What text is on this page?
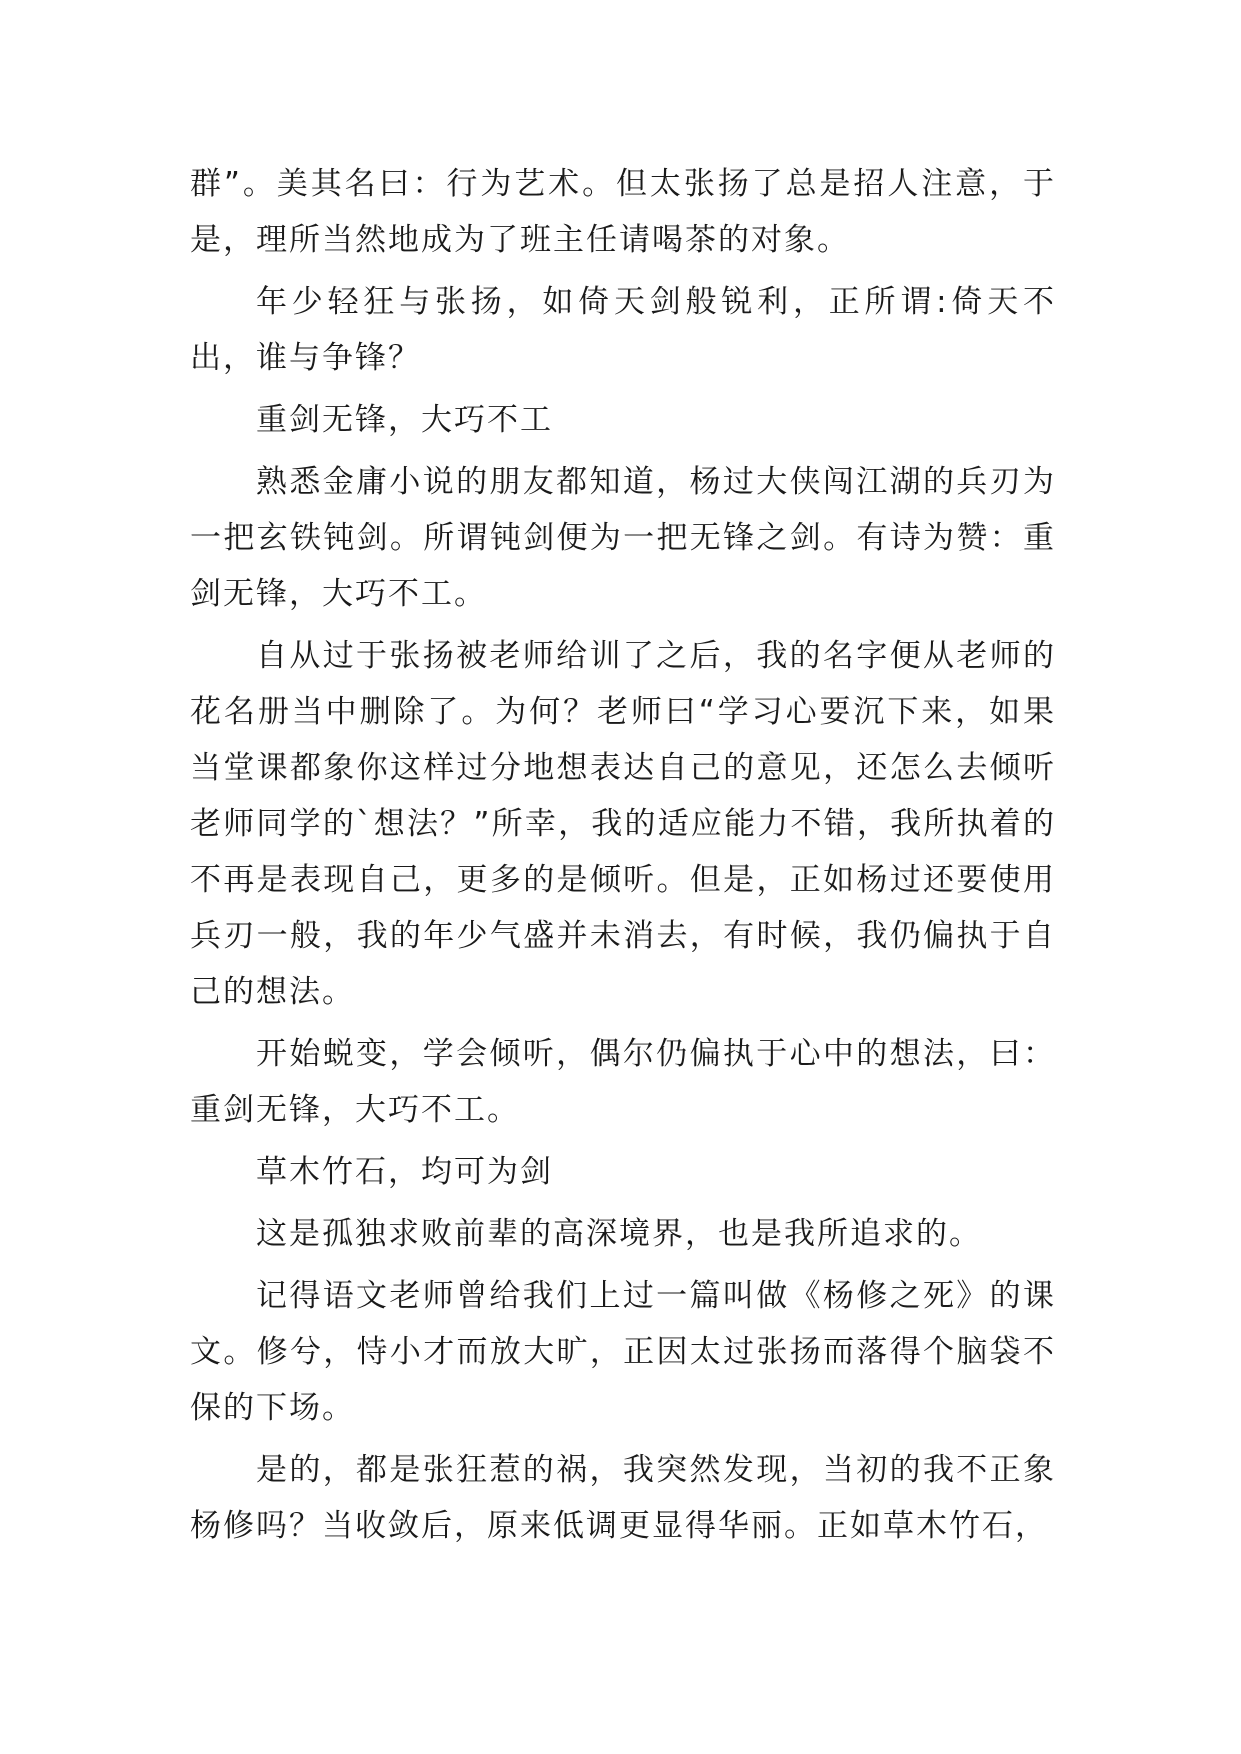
群”。美其名曰：行为艺术。但太张扬了总是招人注意，于是，理所当然地成为了班主任请喝茶的对象。

年少轻狂与张扬，如倚天剑般锐利，正所谓:倚天不出，谁与争锋？

重剑无锋，大巧不工

熟悉金庸小说的朋友都知道，杨过大侠闯江湖的兵刃为一把玄铁钝剑。所谓钝剑便为一把无锋之剑。有诗为赞：重剑无锋，大巧不工。

自从过于张扬被老师给训了之后，我的名字便从老师的花名册当中删除了。为何？老师曰“学习心要沉下来，如果当堂课都象你这样过分地想表达自己的意见，还怎么去倾听老师同学的`想法？”所幸，我的适应能力不错，我所执着的不再是表现自己，更多的是倾听。但是，正如杨过还要使用兵刃一般，我的年少气盛并未消去，有时候，我仍偏执于自己的想法。

开始蜕变，学会倾听，偶尔仍偏执于心中的想法，曰：重剑无锋，大巧不工。

草木竹石，均可为剑

这是孤独求败前辈的高深境界，也是我所追求的。

记得语文老师曾给我们上过一篇叫做《杨修之死》的课文。修兮，恃小才而放大旷，正因太过张扬而落得个脑袋不保的下场。

是的，都是张狂惹的祸，我突然发现，当初的我不正象杨修吗？当收敛后，原来低调更显得华丽。正如草木竹石，
